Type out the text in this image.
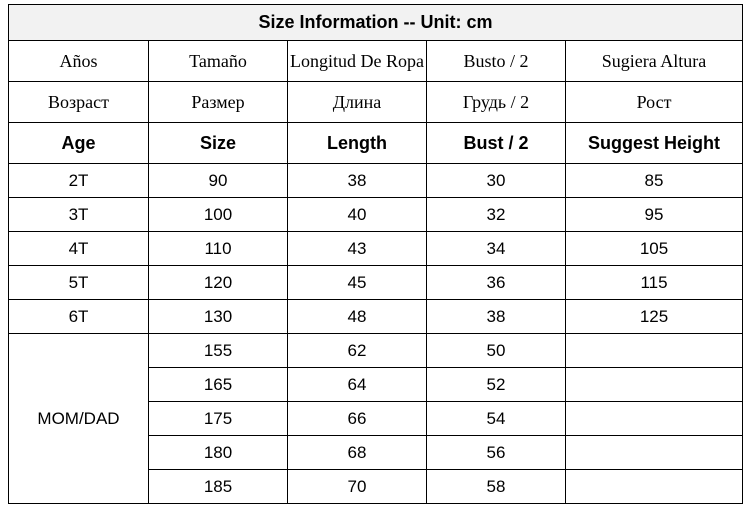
Size Information -- Unit: cm				
Años	Tamaño	Longitud De Ropa	Busto / 2	Sugiera Altura
Возраст	Размер	Длина	Грудь / 2	Рост
Age	Size	Length	Bust / 2	Suggest Height
2T	90	38	30	85
3T	100	40	32	95
4T	110	43	34	105
5T	120	45	36	115
6T	130	48	38	125
MOM/DAD	155	62	50	
	165	64	52	
	175	66	54	
	180	68	56	
	185	70	58	
